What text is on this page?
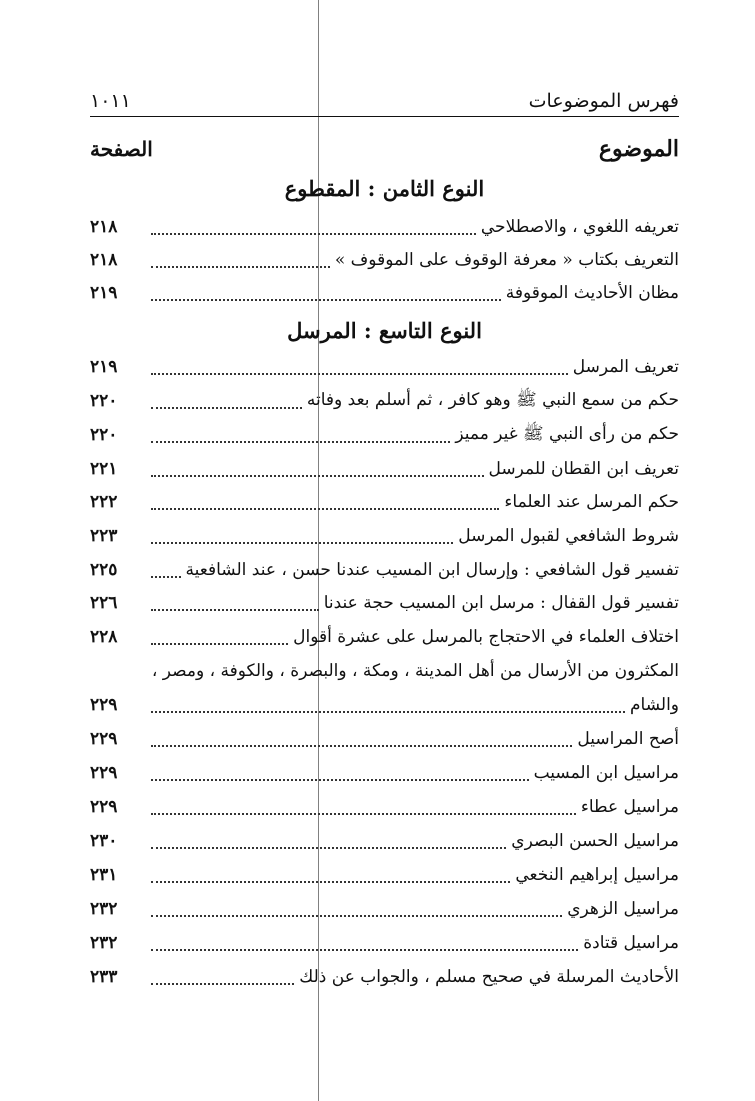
فهرس الموضوعات
١٠١١
الموضوع
الصفحة
النوع الثامن : المقطوع
تعريفه اللغوي ، والاصطلاحي
٢١٨
التعريف بكتاب « معرفة الوقوف على الموقوف »
٢١٨
مظان الأحاديث الموقوفة
٢١٩
النوع التاسع : المرسل
تعريف المرسل
٢١٩
حكم من سمع النبي ﷺ وهو كافر ، ثم أسلم بعد وفاته
٢٢٠
حكم من رأى النبي ﷺ غير مميز
٢٢٠
تعريف ابن القطان للمرسل
٢٢١
حكم المرسل عند العلماء
٢٢٢
شروط الشافعي لقبول المرسل
٢٢٣
تفسير قول الشافعي : وإرسال ابن المسيب عندنا حسن ، عند الشافعية
٢٢٥
تفسير قول القفال : مرسل ابن المسيب حجة عندنا
٢٢٦
اختلاف العلماء في الاحتجاج بالمرسل على عشرة أقوال
٢٢٨
المكثرون من الأرسال من أهل المدينة ، ومكة ، والبصرة ، والكوفة ، ومصر ،
والشام
٢٢٩
أصح المراسيل
٢٢٩
مراسيل ابن المسيب
٢٢٩
مراسيل عطاء
٢٢٩
مراسيل الحسن البصري
٢٣٠
مراسيل إبراهيم النخعي
٢٣١
مراسيل الزهري
٢٣٢
مراسيل قتادة
٢٣٢
الأحاديث المرسلة في صحيح مسلم ، والجواب عن ذلك
٢٣٣
